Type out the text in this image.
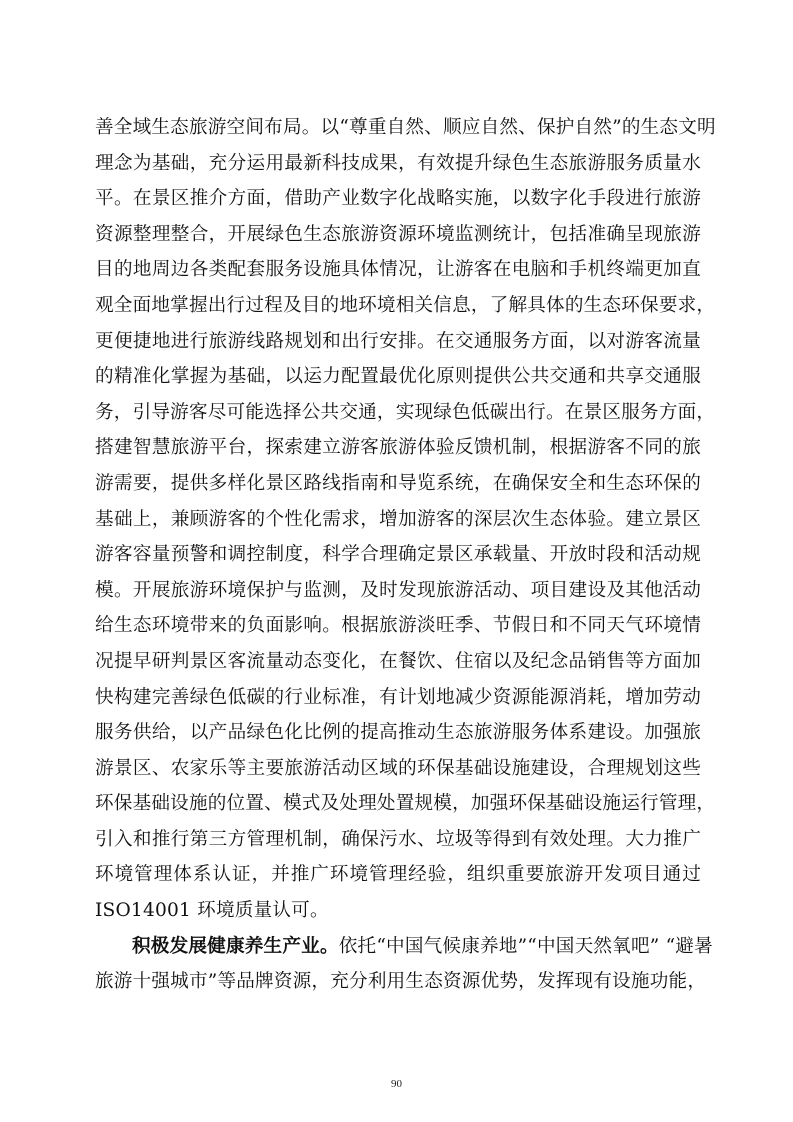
善全域生态旅游空间布局。以“尊重自然、顺应自然、保护自然”的生态文明
理念为基础，充分运用最新科技成果，有效提升绿色生态旅游服务质量水
平。在景区推介方面，借助产业数字化战略实施，以数字化手段进行旅游
资源整理整合，开展绿色生态旅游资源环境监测统计，包括准确呈现旅游
目的地周边各类配套服务设施具体情况，让游客在电脑和手机终端更加直
观全面地掌握出行过程及目的地环境相关信息，了解具体的生态环保要求，
更便捷地进行旅游线路规划和出行安排。在交通服务方面，以对游客流量
的精准化掌握为基础，以运力配置最优化原则提供公共交通和共享交通服
务，引导游客尽可能选择公共交通，实现绿色低碳出行。在景区服务方面，
搭建智慧旅游平台，探索建立游客旅游体验反馈机制，根据游客不同的旅
游需要，提供多样化景区路线指南和导览系统，在确保安全和生态环保的
基础上，兼顾游客的个性化需求，增加游客的深层次生态体验。建立景区
游客容量预警和调控制度，科学合理确定景区承载量、开放时段和活动规
模。开展旅游环境保护与监测，及时发现旅游活动、项目建设及其他活动
给生态环境带来的负面影响。根据旅游淡旺季、节假日和不同天气环境情
况提早研判景区客流量动态变化，在餐饮、住宿以及纪念品销售等方面加
快构建完善绿色低碳的行业标准，有计划地减少资源能源消耗，增加劳动
服务供给，以产品绿色化比例的提高推动生态旅游服务体系建设。加强旅
游景区、农家乐等主要旅游活动区域的环保基础设施建设，合理规划这些
环保基础设施的位置、模式及处理处置规模，加强环保基础设施运行管理，
引入和推行第三方管理机制，确保污水、垃圾等得到有效处理。大力推广
环境管理体系认证，并推广环境管理经验，组织重要旅游开发项目通过
ISO14001 环境质量认可。
积极发展健康养生产业。依托“中国气候康养地”“中国天然氧吧” “避暑
旅游十强城市”等品牌资源，充分利用生态资源优势，发挥现有设施功能，
90
